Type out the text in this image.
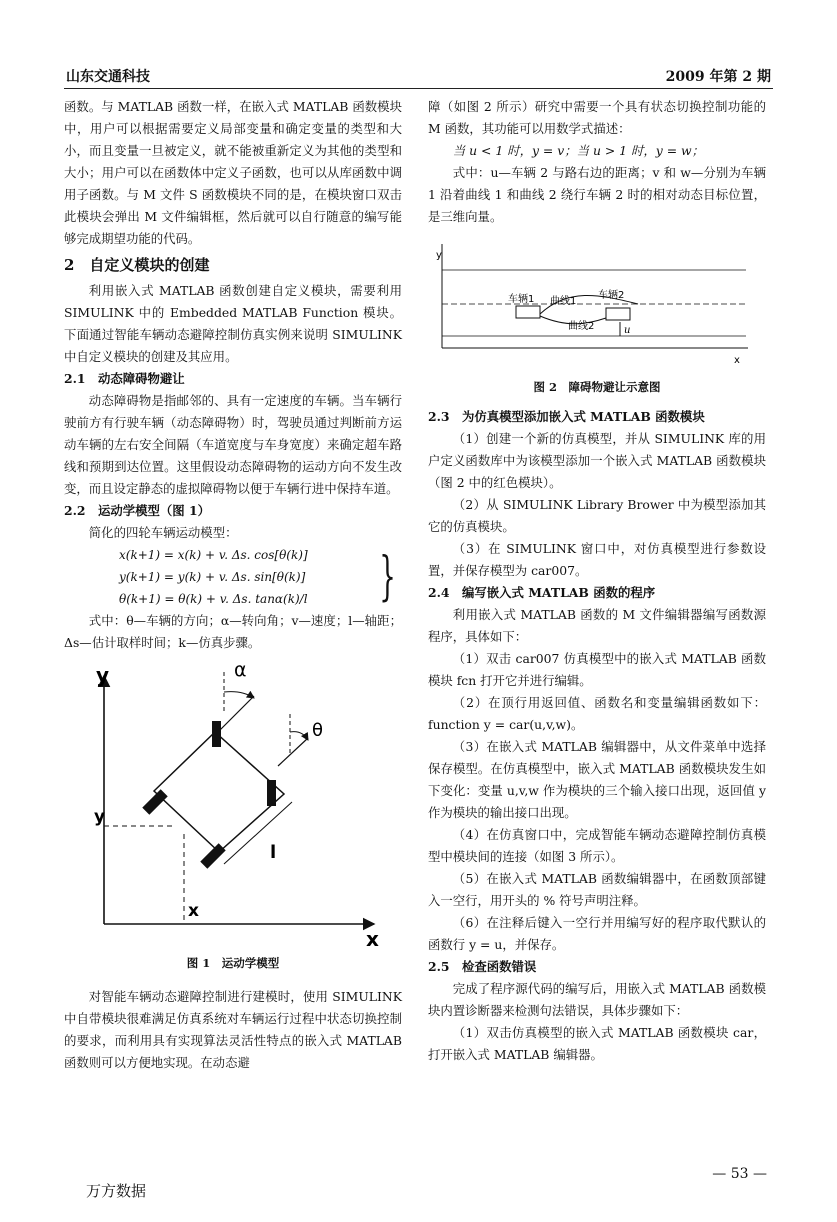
山东交通科技	2009 年第 2 期

函数。与 MATLAB 函数一样，在嵌入式 MATLAB 函数模块中，用户可以根据需要定义局部变量和确定变量的类型和大小，而且变量一旦被定义，就不能被重新定义为其他的类型和大小；用户可以在函数体中定义子函数，也可以从库函数中调用子函数。与 M 文件 S 函数模块不同的是，在模块窗口双击此模块会弹出 M 文件编辑框，然后就可以自行随意的编写能够完成期望功能的代码。

2　自定义模块的创建

利用嵌入式 MATLAB 函数创建自定义模块，需要利用 SIMULINK 中的 Embedded MATLAB Function 模块。下面通过智能车辆动态避障控制仿真实例来说明 SIMULINK 中自定义模块的创建及其应用。

2.1　动态障碍物避让

动态障碍物是指邮邻的、具有一定速度的车辆。当车辆行驶前方有行驶车辆（动态障碍物）时，驾驶员通过判断前方运动车辆的左右安全间隔（车道宽度与车身宽度）来确定超车路线和预期到达位置。这里假设动态障碍物的运动方向不发生改变，而且设定静态的虚拟障碍物以便于车辆行进中保持车道。

2.2　运动学模型（图 1）

简化的四轮车辆运动模型：

x(k+1) = x(k) + v. Δs. cos[θ(k)]
y(k+1) = y(k) + v. Δs. sin[θ(k)]
θ(k+1) = θ(k) + v. Δs. tanα(k)/l	}

式中：θ—车辆的方向；α—转向角；v—速度；l—轴距；Δs—估计取样时间；k—仿真步骤。

y
x
y
x
α
θ
l
图 1　运动学模型

对智能车辆动态避障控制进行建模时，使用 SIMULINK 中自带模块很难满足仿真系统对车辆运行过程中状态切换控制的要求，而利用具有实现算法灵活性特点的嵌入式 MATLAB 函数则可以方便地实现。在动态避

障（如图 2 所示）研究中需要一个具有状态切换控制功能的 M 函数，其功能可以用数学式描述：

当 u < 1 时，y = v；当 u > 1 时，y = w；

式中：u—车辆 2 与路右边的距离；v 和 w—分别为车辆 1 沿着曲线 1 和曲线 2 绕行车辆 2 时的相对动态目标位置，是三维向量。

y
x
车辆1	车辆2
曲线1
曲线2	u
图 2　障碍物避让示意图
2.3　为仿真模型添加嵌入式 MATLAB 函数模块

（1）创建一个新的仿真模型，并从 SIMULINK 库的用户定义函数库中为该模型添加一个嵌入式 MATLAB 函数模块（图 2 中的红色模块）。

（2）从 SIMULINK Library Brower 中为模型添加其它的仿真模块。

（3）在 SIMULINK 窗口中，对仿真模型进行参数设置，并保存模型为 car007。

2.4　编写嵌入式 MATLAB 函数的程序

利用嵌入式 MATLAB 函数的 M 文件编辑器编写函数源程序，具体如下：

（1）双击 car007 仿真模型中的嵌入式 MATLAB 函数模块 fcn 打开它并进行编辑。

（2）在顶行用返回值、函数名和变量编辑函数如下：function y = car(u,v,w)。

（3）在嵌入式 MATLAB 编辑器中，从文件菜单中选择保存模型。在仿真模型中，嵌入式 MATLAB 函数模块发生如下变化：变量 u,v,w 作为模块的三个输入接口出现，返回值 y 作为模块的输出接口出现。

（4）在仿真窗口中，完成智能车辆动态避障控制仿真模型中模块间的连接（如图 3 所示）。

（5）在嵌入式 MATLAB 函数编辑器中，在函数顶部键入一空行，用开头的 % 符号声明注释。

（6）在注释后键入一空行并用编写好的程序取代默认的函数行 y = u，并保存。

2.5　检查函数错误

完成了程序源代码的编写后，用嵌入式 MATLAB 函数模块内置诊断器来检测句法错误，具体步骤如下：

（1）双击仿真模型的嵌入式 MATLAB 函数模块 car，打开嵌入式 MATLAB 编辑器。

— 53 —
万方数据
